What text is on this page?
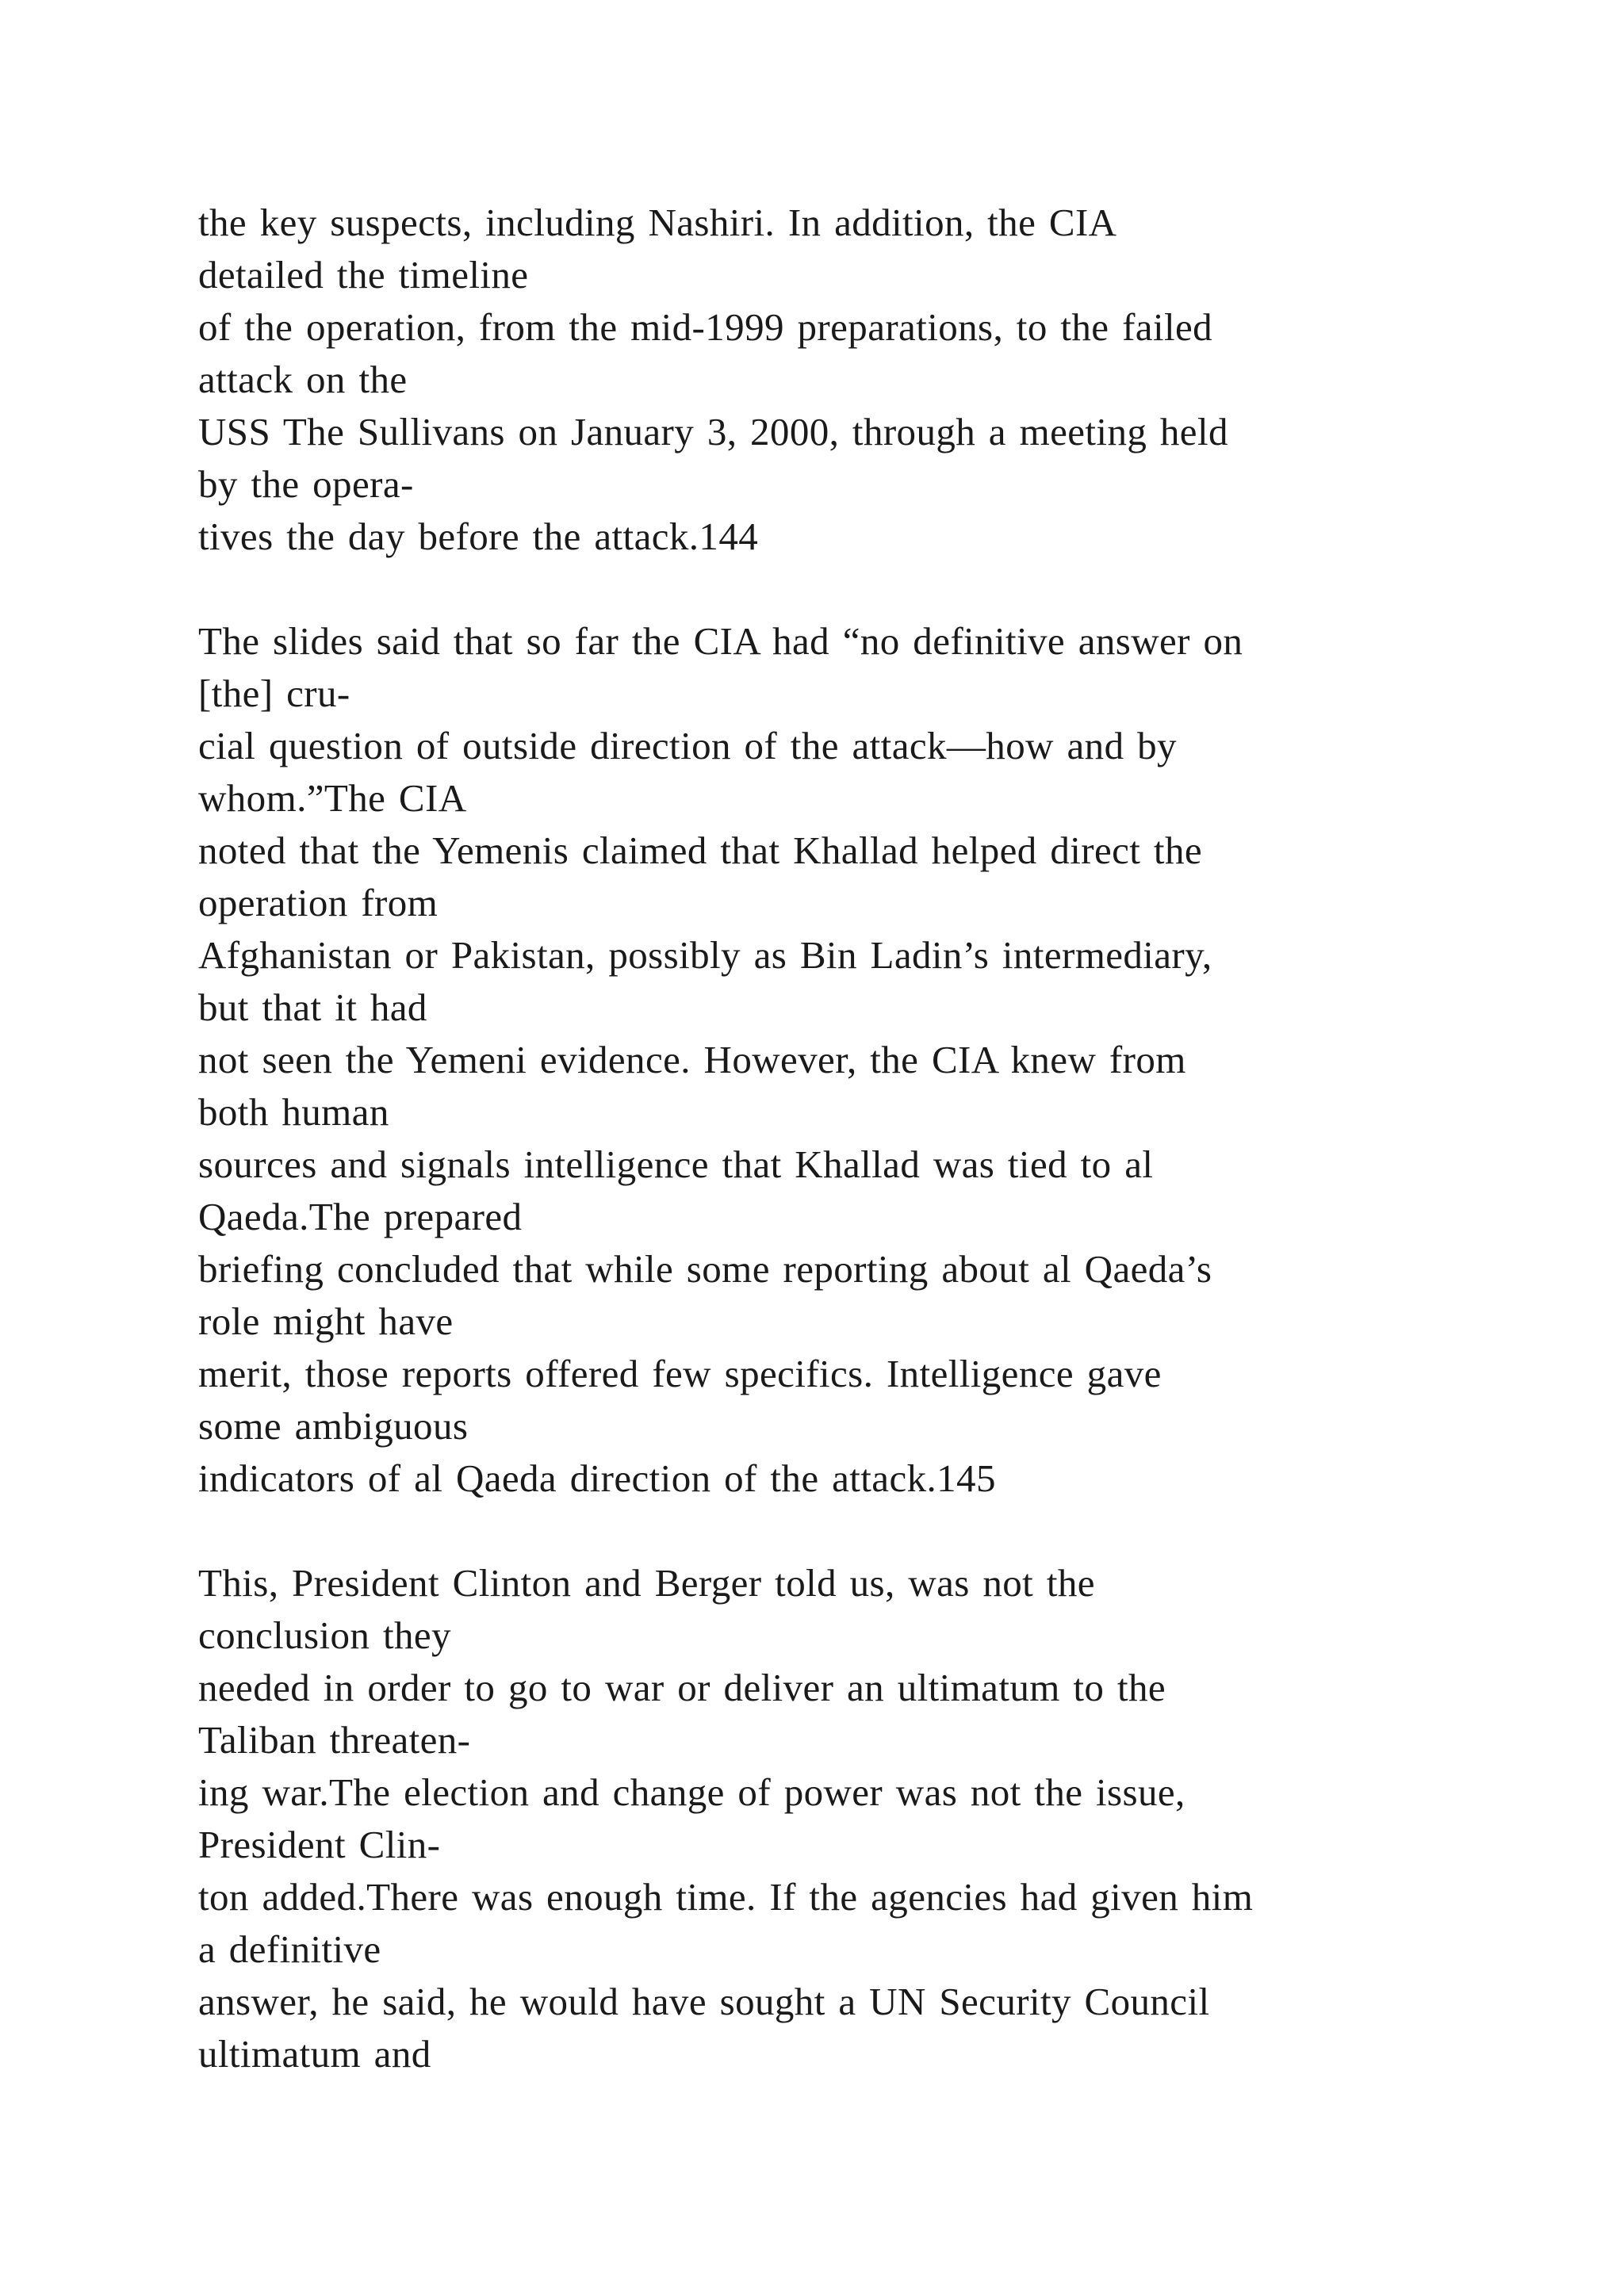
the key suspects, including Nashiri. In addition, the CIA
detailed the timeline
of the operation, from the mid-1999 preparations, to the failed
attack on the
USS The Sullivans on January 3, 2000, through a meeting held
by the opera-
tives the day before the attack.144
The slides said that so far the CIA had “no definitive answer on
[the] cru-
cial question of outside direction of the attack—how and by
whom.”The CIA
noted that the Yemenis claimed that Khallad helped direct the
operation from
Afghanistan or Pakistan, possibly as Bin Ladin’s intermediary,
but that it had
not seen the Yemeni evidence. However, the CIA knew from
both human
sources and signals intelligence that Khallad was tied to al
Qaeda.The prepared
briefing concluded that while some reporting about al Qaeda’s
role might have
merit, those reports offered few specifics. Intelligence gave
some ambiguous
indicators of al Qaeda direction of the attack.145
This, President Clinton and Berger told us, was not the
conclusion they
needed in order to go to war or deliver an ultimatum to the
Taliban threaten-
ing war.The election and change of power was not the issue,
President Clin-
ton added.There was enough time. If the agencies had given him
a definitive
answer, he said, he would have sought a UN Security Council
ultimatum and
